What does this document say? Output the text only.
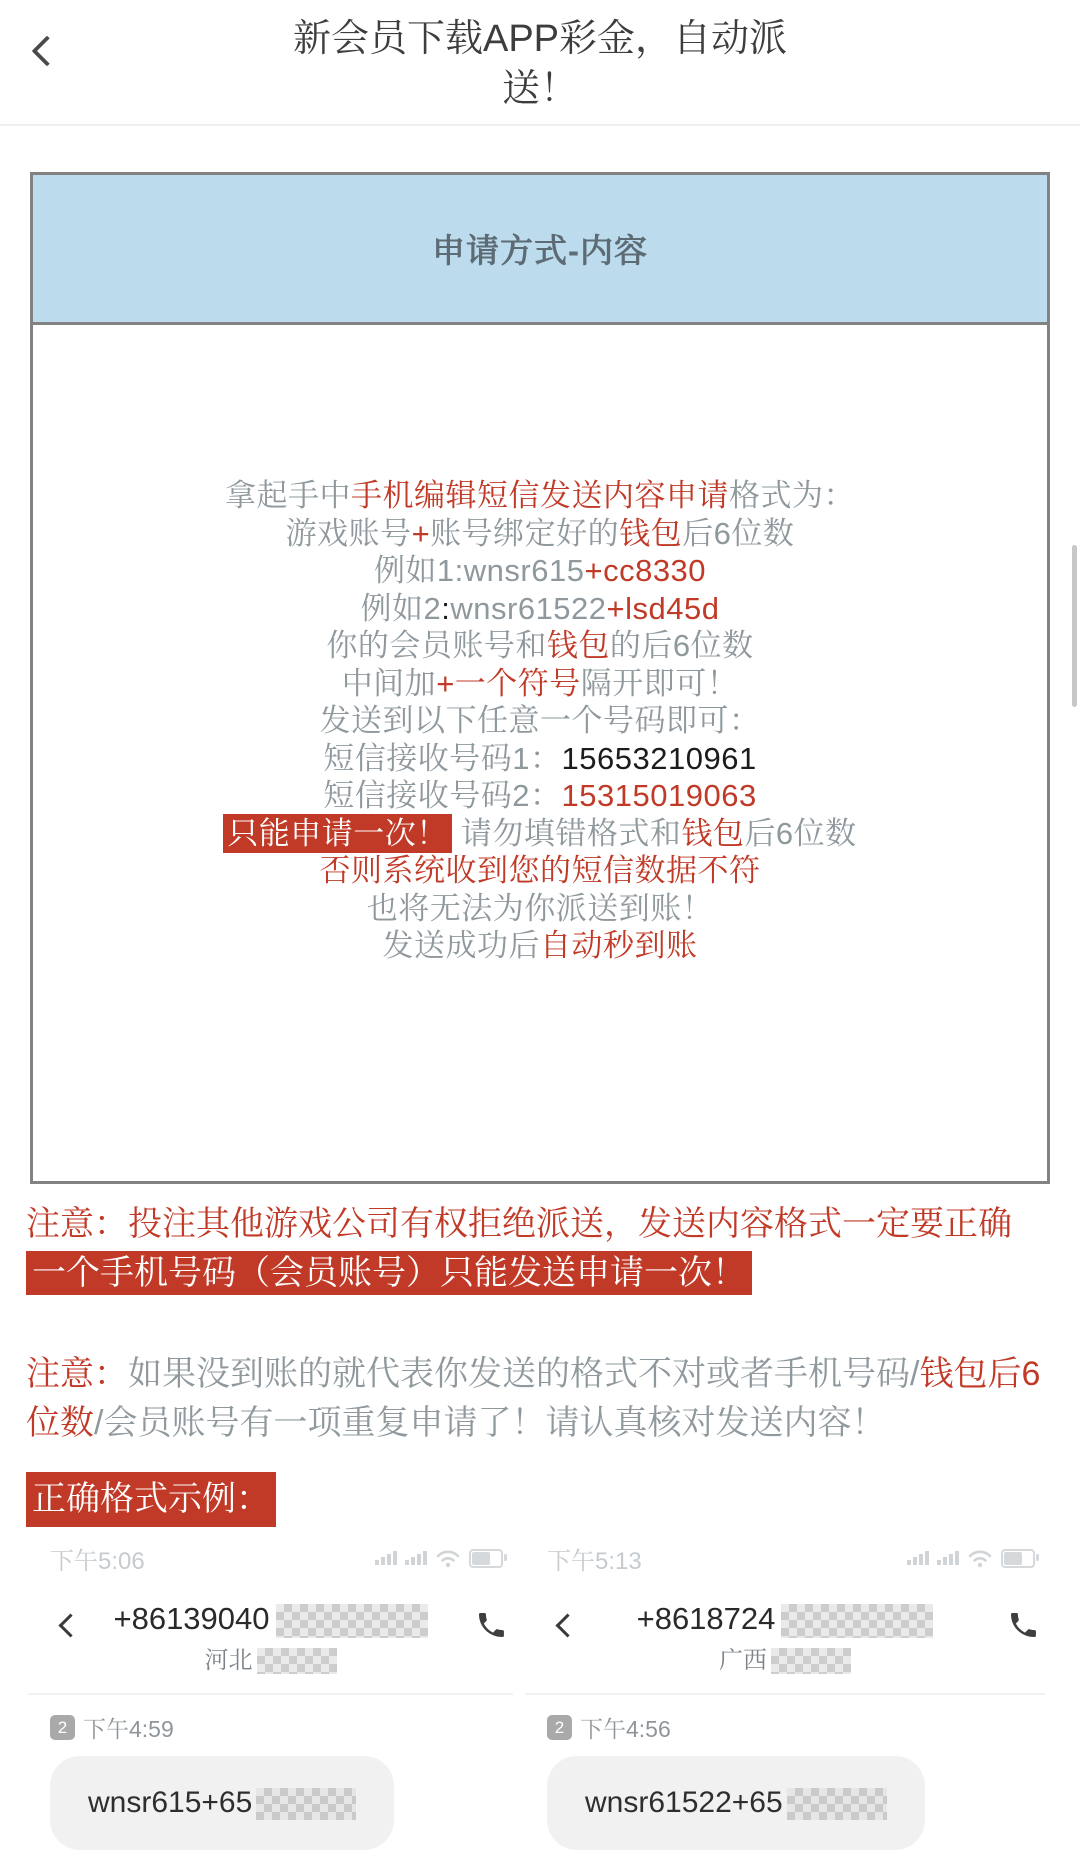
新会员下载APP彩金，自动派送！
申请方式-内容
拿起手中手机编辑短信发送内容申请格式为：
游戏账号+账号绑定好的钱包后6位数
例如1:wnsr615+cc8330
例如2:wnsr61522+lsd45d
你的会员账号和钱包的后6位数
中间加+一个符号隔开即可！
发送到以下任意一个号码即可：
短信接收号码1：15653210961
短信接收号码2：15315019063
只能申请一次！ 请勿填错格式和钱包后6位数
否则系统收到您的短信数据不符
也将无法为你派送到账！
发送成功后自动秒到账
注意：投注其他游戏公司有权拒绝派送，发送内容格式一定要正确
一个手机号码（会员账号）只能发送申请一次！
注意：如果没到账的就代表你发送的格式不对或者手机号码/钱包后6位数/会员账号有一项重复申请了！请认真核对发送内容！
正确格式示例：
下午5:06
+86139040
河北
2 下午4:59
wnsr615+65
下午5:13
+8618724
广西
2 下午4:56
wnsr61522+65
